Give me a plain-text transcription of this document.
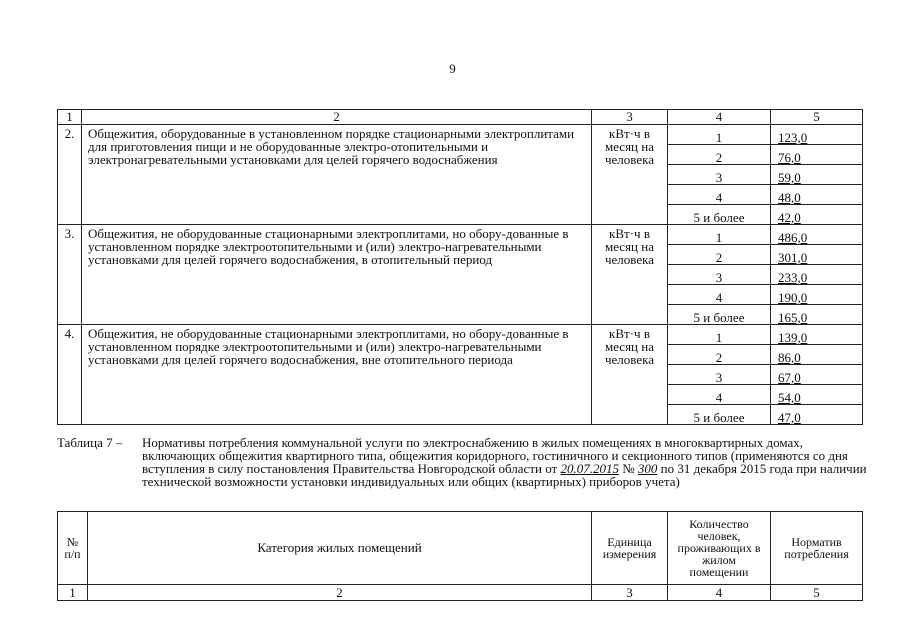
9
1	2	3	4	5
2.	Общежития, оборудованные в установленном порядке стационарными электроплитами для приготовления пищи и не оборудованные электро-отопительными и электронагревательными установками для целей горячего водоснабжения	кВт·ч в месяц на человека	1	123,0
			2	76,0
			3	59,0
			4	48,0
			5 и более	42,0
3.	Общежития, не оборудованные стационарными электроплитами, но обору-дованные в установленном порядке электроотопительными и (или) электро-нагревательными установками для целей горячего водоснабжения, в отопительный период	кВт·ч в месяц на человека	1	486,0
			2	301,0
			3	233,0
			4	190,0
			5 и более	165,0
4.	Общежития, не оборудованные стационарными электроплитами, но обору-дованные в установленном порядке электроотопительными и (или) электро-нагревательными установками для целей горячего водоснабжения, вне отопительного периода	кВт·ч в месяц на человека	1	139,0
			2	86,0
			3	67,0
			4	54,0
			5 и более	47,0
Таблица 7 –	Нормативы потребления коммунальной услуги по электроснабжению в жилых помещениях в многоквартирных домах, включающих общежития квартирного типа, общежития коридорного, гостиничного и секционного типов (применяются со дня вступления в силу постановления Правительства Новгородской области от 20.07.2015 № 300 по 31 декабря 2015 года при наличии технической возможности установки индивидуальных или общих (квартирных) приборов учета)
№ п/п	Категория жилых помещений	Единица измерения	Количество человек, проживающих в жилом помещении	Норматив потребления
1	2	3	4	5
